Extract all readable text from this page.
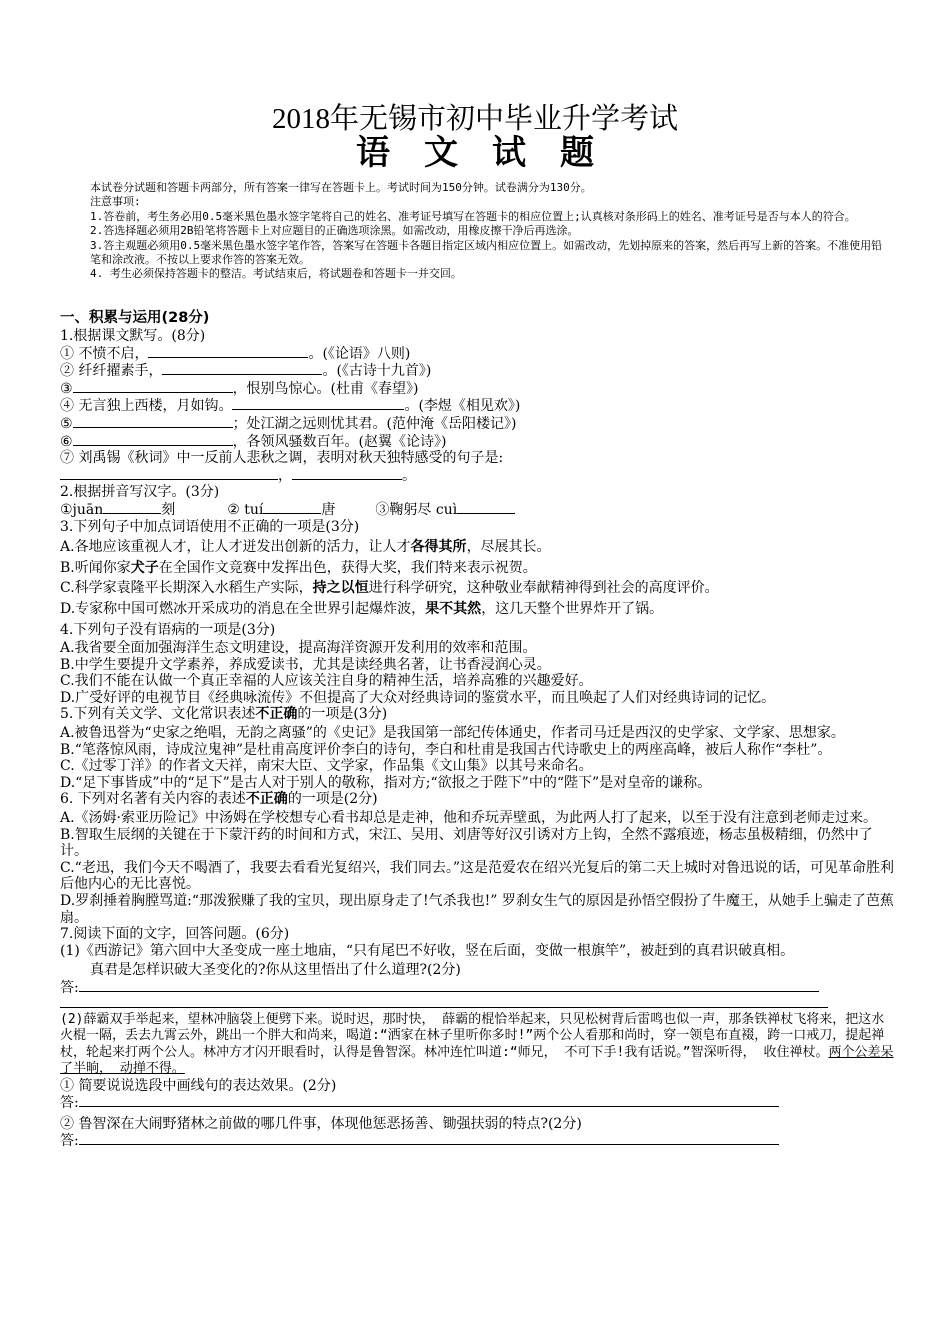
2018年无锡市初中毕业升学考试
语文试题
本试卷分试题和答题卡两部分，所有答案一律写在答题卡上。考试时间为150分钟。试卷满分为130分。
注意事项:
1.答卷前，考生务必用0.5毫米黑色墨水签字笔将自己的姓名、准考证号填写在答题卡的相应位置上;认真核对条形码上的姓名、准考证号是否与本人的符合。
2.答选择题必须用2B铅笔将答题卡上对应题目的正确选项涂黑。如需改动，用橡皮擦干净后再选涂。
3.答主观题必须用0.5毫米黑色墨水签字笔作答，答案写在答题卡各题目指定区域内相应位置上。如需改动，先划掉原来的答案，然后再写上新的答案。不准使用铅笔和涂改液。不按以上要求作答的答案无效。
4. 考生必须保持答题卡的整洁。考试结束后，将试题卷和答题卡一并交回。
一、积累与运用(28分)
1.根据课文默写。(8分)
① 不愤不启，	。(《论语》八则)
② 纤纤擢素手，	。(《古诗十九首》)
③	，恨别鸟惊心。(杜甫《春望》)
④ 无言独上西楼，月如钩。	。(李煜《相见欢》)
⑤	；处江湖之远则忧其君。(范仲淹《岳阳楼记》)
⑥	，各领风骚数百年。(赵翼《论诗》)
⑦ 刘禹锡《秋词》中一反前人悲秋之调，表明对秋天独特感受的句子是:
，	。
2.根据拼音写汉字。(3分)
①juān	刻	② tuí	唐	③鞠躬尽 cuì
3.下列句子中加点词语使用不正确的一项是(3分)
A.各地应该重视人才，让人才迸发出创新的活力，让人才各得其所，尽展其长。
B.听闻你家犬子在全国作文竞赛中发挥出色，获得大奖，我们特来表示祝贺。
C.科学家袁隆平长期深入水稻生产实际，持之以恒进行科学研究，这种敬业奉献精神得到社会的高度评价。
D.专家称中国可燃冰开采成功的消息在全世界引起爆炸波，果不其然，这几天整个世界炸开了锅。
4.下列句子没有语病的一项是(3分)
A.我省要全面加强海洋生态文明建设，提高海洋资源开发利用的效率和范围。
B.中学生要提升文学素养，养成爱读书，尤其是读经典名著，让书香浸润心灵。
C.我们不能在认做一个真正幸福的人应该关注自身的精神生活，培养高雅的兴趣爱好。
D.广受好评的电视节目《经典咏流传》不但提高了大众对经典诗词的鉴赏水平，而且唤起了人们对经典诗词的记忆。
5.下列有关文学、文化常识表述不正确的一项是(3分)
A.被鲁迅誉为“史家之绝唱，无韵之离骚”的《史记》是我国第一部纪传体通史，作者司马迁是西汉的史学家、文学家、思想家。
B.“笔落惊风雨，诗成泣鬼神”是杜甫高度评价李白的诗句，李白和杜甫是我国古代诗歌史上的两座高峰，被后人称作“李杜”。
C.《过零丁洋》的作者文天祥，南宋大臣、文学家，作品集《文山集》以其号来命名。
D.“足下事皆成”中的“足下”是古人对于别人的敬称，指对方;“欲报之于陛下”中的“陛下”是对皇帝的谦称。
6. 下列对名著有关内容的表述不正确的一项是(2分)
A.《汤姆·索亚历险记》中汤姆在学校想专心看书却总是走神，他和乔玩弄壁虱，为此两人打了起来，以至于没有注意到老师走过来。
B.智取生辰纲的关键在于下蒙汗药的时间和方式，宋江、吴用、刘唐等好汉引诱对方上钩，全然不露痕迹，杨志虽极精细，仍然中了计。
C.“老迅，我们今天不喝酒了，我要去看看光复绍兴，我们同去。”这是范爱农在绍兴光复后的第二天上城时对鲁迅说的话，可见革命胜利后他内心的无比喜悦。
D.罗刹捶着胸膛骂道:“那泼猴赚了我的宝贝，现出原身走了!气杀我也!” 罗刹女生气的原因是孙悟空假扮了牛魔王，从她手上骗走了芭蕉扇。
7.阅读下面的文字，回答问题。(6分)
(1)《西游记》第六回中大圣变成一座土地庙，“只有尾巴不好收，竖在后面，变做一根旗竿”，被赶到的真君识破真相。
真君是怎样识破大圣变化的?你从这里悟出了什么道理?(2分)
答:
(2)薛霸双手举起来，望林冲脑袋上便劈下来。说时迟，那时快， 薛霸的棍恰举起来，只见松树背后雷鸣也似一声，那条铁禅杖飞将来，把这水火棍一隔，丢去九霄云外，跳出一个胖大和尚来，喝道:“洒家在林子里听你多时!”两个公人看那和尚时，穿一领皂布直裰，跨一口戒刀，提起禅杖，轮起来打两个公人。林冲方才闪开眼看时，认得是鲁智深。林冲连忙叫道:“师兄， 不可下手!我有话说。”智深听得， 收住禅杖。两个公差呆了半晌， 动掸不得。
① 简要说说选段中画线句的表达效果。(2分)
答:
② 鲁智深在大闹野猪林之前做的哪几件事，体现他惩恶扬善、锄强扶弱的特点?(2分)
答:
